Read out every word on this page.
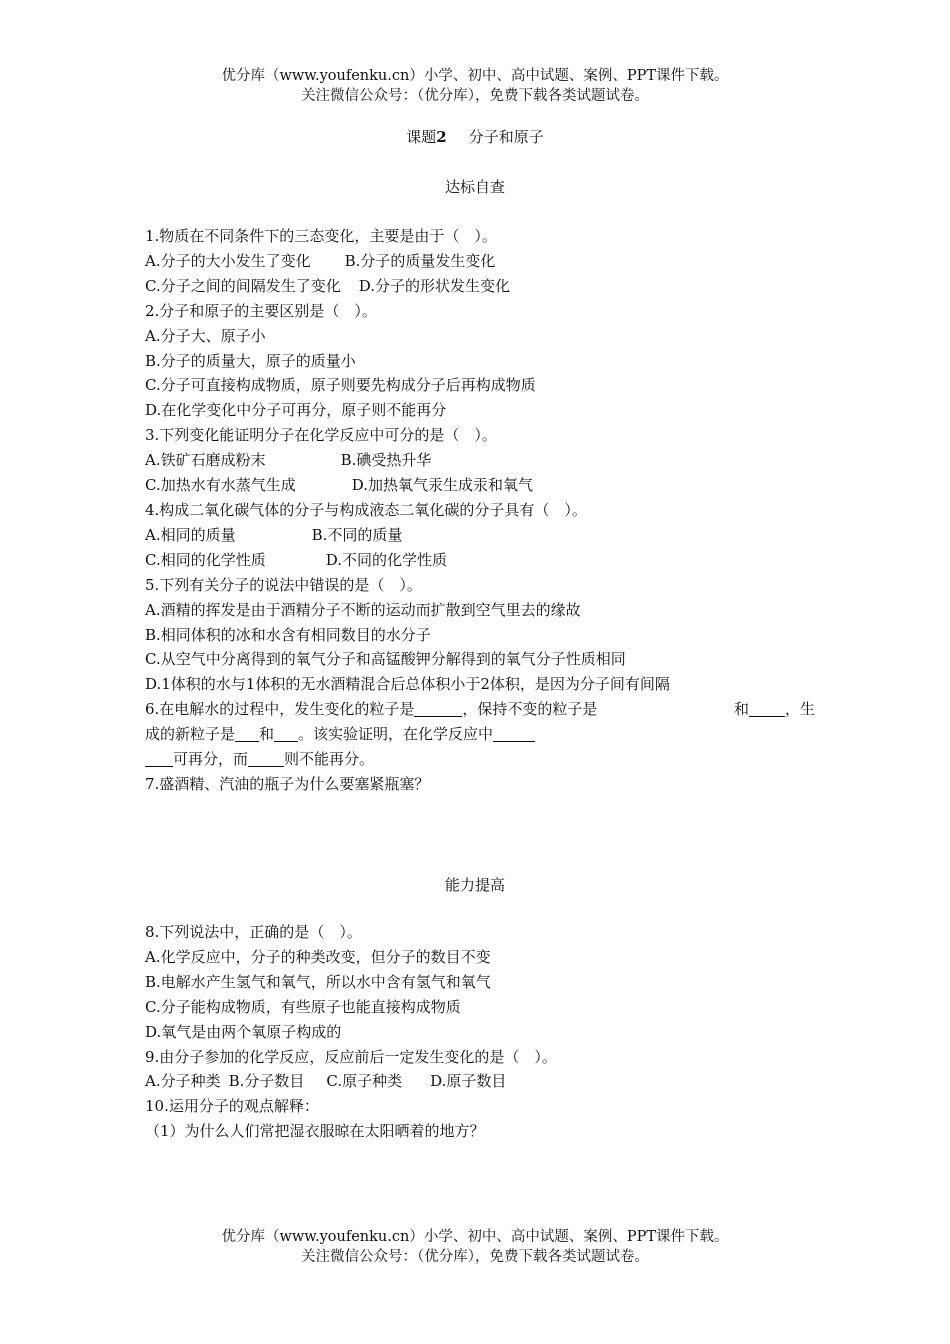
优分库（www.youfenku.cn）小学、初中、高中试题、案例、PPT课件下载。
关注微信公众号：（优分库），免费下载各类试题试卷。
课题2 分子和原子
达标自查
1.物质在不同条件下的三态变化，主要是由于（　）。
A.分子的大小发生了变化 B.分子的质量发生变化
C.分子之间的间隔发生了变化 D.分子的形状发生变化
2.分子和原子的主要区别是（　）。
A.分子大、原子小
B.分子的质量大，原子的质量小
C.分子可直接构成物质，原子则要先构成分子后再构成物质
D.在化学变化中分子可再分，原子则不能再分
3.下列变化能证明分子在化学反应中可分的是（　）。
A.铁矿石磨成粉末	B.碘受热升华
C.加热水有水蒸气生成	D.加热氧气汞生成汞和氧气
4.构成二氧化碳气体的分子与构成液态二氧化碳的分子具有（　）。
A.相同的质量	B.不同的质量
C.相同的化学性质	D.不同的化学性质
5.下列有关分子的说法中错误的是（　）。
A.酒精的挥发是由于酒精分子不断的运动而扩散到空气里去的缘故
B.相同体积的冰和水含有相同数目的水分子
C.从空气中分离得到的氧气分子和高锰酸钾分解得到的氧气分子性质相同
D.1体积的水与1体积的无水酒精混合后总体积小于2体积，是因为分子间有间隔
6.在电解水的过程中，发生变化的粒子是	，保持不变的粒子是	和 ，生
成的新粒子是 和 。该实验证明，在化学反应中
可再分，而 则不能再分。
7.盛酒精、汽油的瓶子为什么要塞紧瓶塞？
能力提高
8.下列说法中，正确的是（　）。
A.化学反应中，分子的种类改变，但分子的数目不变
B.电解水产生氢气和氧气，所以水中含有氢气和氧气
C.分子能构成物质，有些原子也能直接构成物质
D.氧气是由两个氧原子构成的
9.由分子参加的化学反应，反应前后一定发生变化的是（　）。
A.分子种类 B.分子数目 C.原子种类 D.原子数目
10.运用分子的观点解释：
（1）为什么人们常把湿衣服晾在太阳晒着的地方？
优分库（www.youfenku.cn）小学、初中、高中试题、案例、PPT课件下载。
关注微信公众号：（优分库），免费下载各类试题试卷。
